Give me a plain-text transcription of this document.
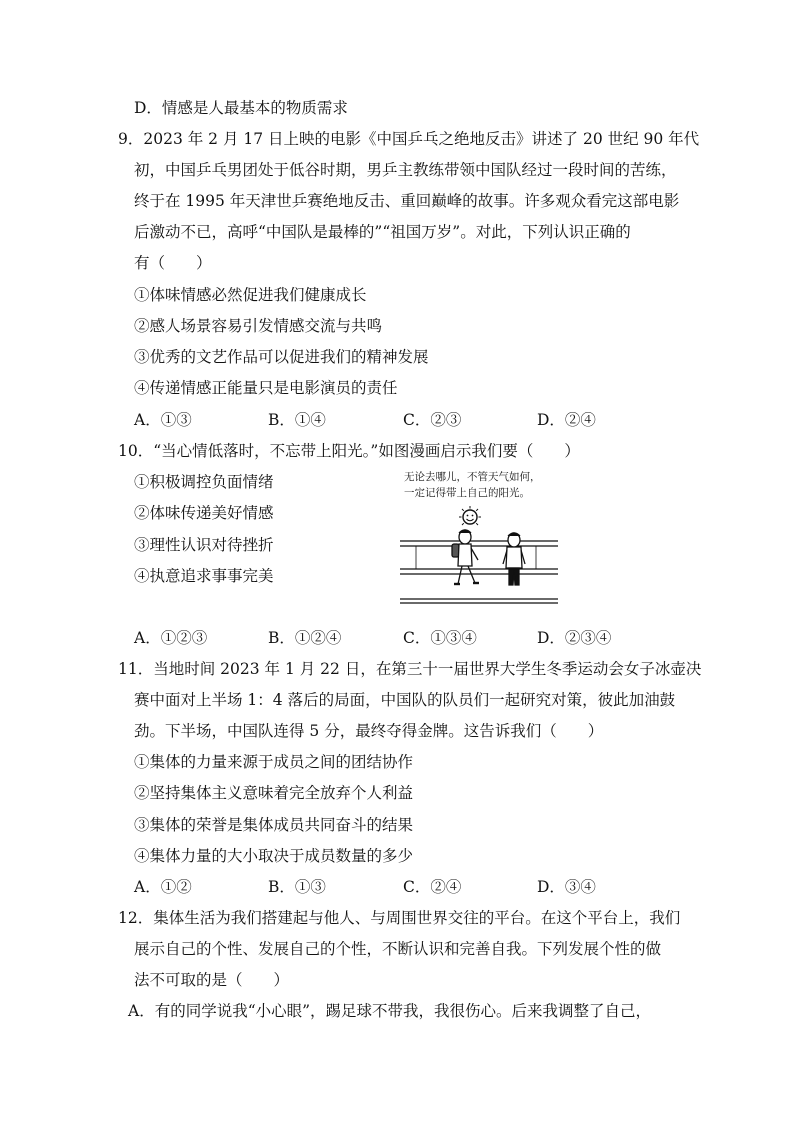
D．情感是人最基本的物质需求
9．2023 年 2 月 17 日上映的电影《中国乒乓之绝地反击》讲述了 20 世纪 90 年代
初，中国乒乓男团处于低谷时期，男乒主教练带领中国队经过一段时间的苦练，
终于在 1995 年天津世乒赛绝地反击、重回巅峰的故事。许多观众看完这部电影
后激动不已，高呼“中国队是最棒的”“祖国万岁”。对此，下列认识正确的
有（　　）
①体味情感必然促进我们健康成长
②感人场景容易引发情感交流与共鸣
③优秀的文艺作品可以促进我们的精神发展
④传递情感正能量只是电影演员的责任
A．①③	B．①④	C．②③	D．②④
10．“当心情低落时，不忘带上阳光。”如图漫画启示我们要（　　）
①积极调控负面情绪
②体味传递美好情感
③理性认识对待挫折
④执意追求事事完美
无论去哪儿，不管天气如何，
一定记得带上自己的阳光。
A．①②③	B．①②④	C．①③④	D．②③④
11．当地时间 2023 年 1 月 22 日，在第三十一届世界大学生冬季运动会女子冰壶决
赛中面对上半场 1：4 落后的局面，中国队的队员们一起研究对策，彼此加油鼓
劲。下半场，中国队连得 5 分，最终夺得金牌。这告诉我们（　　）
①集体的力量来源于成员之间的团结协作
②坚持集体主义意味着完全放弃个人利益
③集体的荣誉是集体成员共同奋斗的结果
④集体力量的大小取决于成员数量的多少
A．①②	B．①③	C．②④	D．③④
12．集体生活为我们搭建起与他人、与周围世界交往的平台。在这个平台上，我们
展示自己的个性、发展自己的个性，不断认识和完善自我。下列发展个性的做
法不可取的是（　　）
A．有的同学说我“小心眼”，踢足球不带我，我很伤心。后来我调整了自己，
